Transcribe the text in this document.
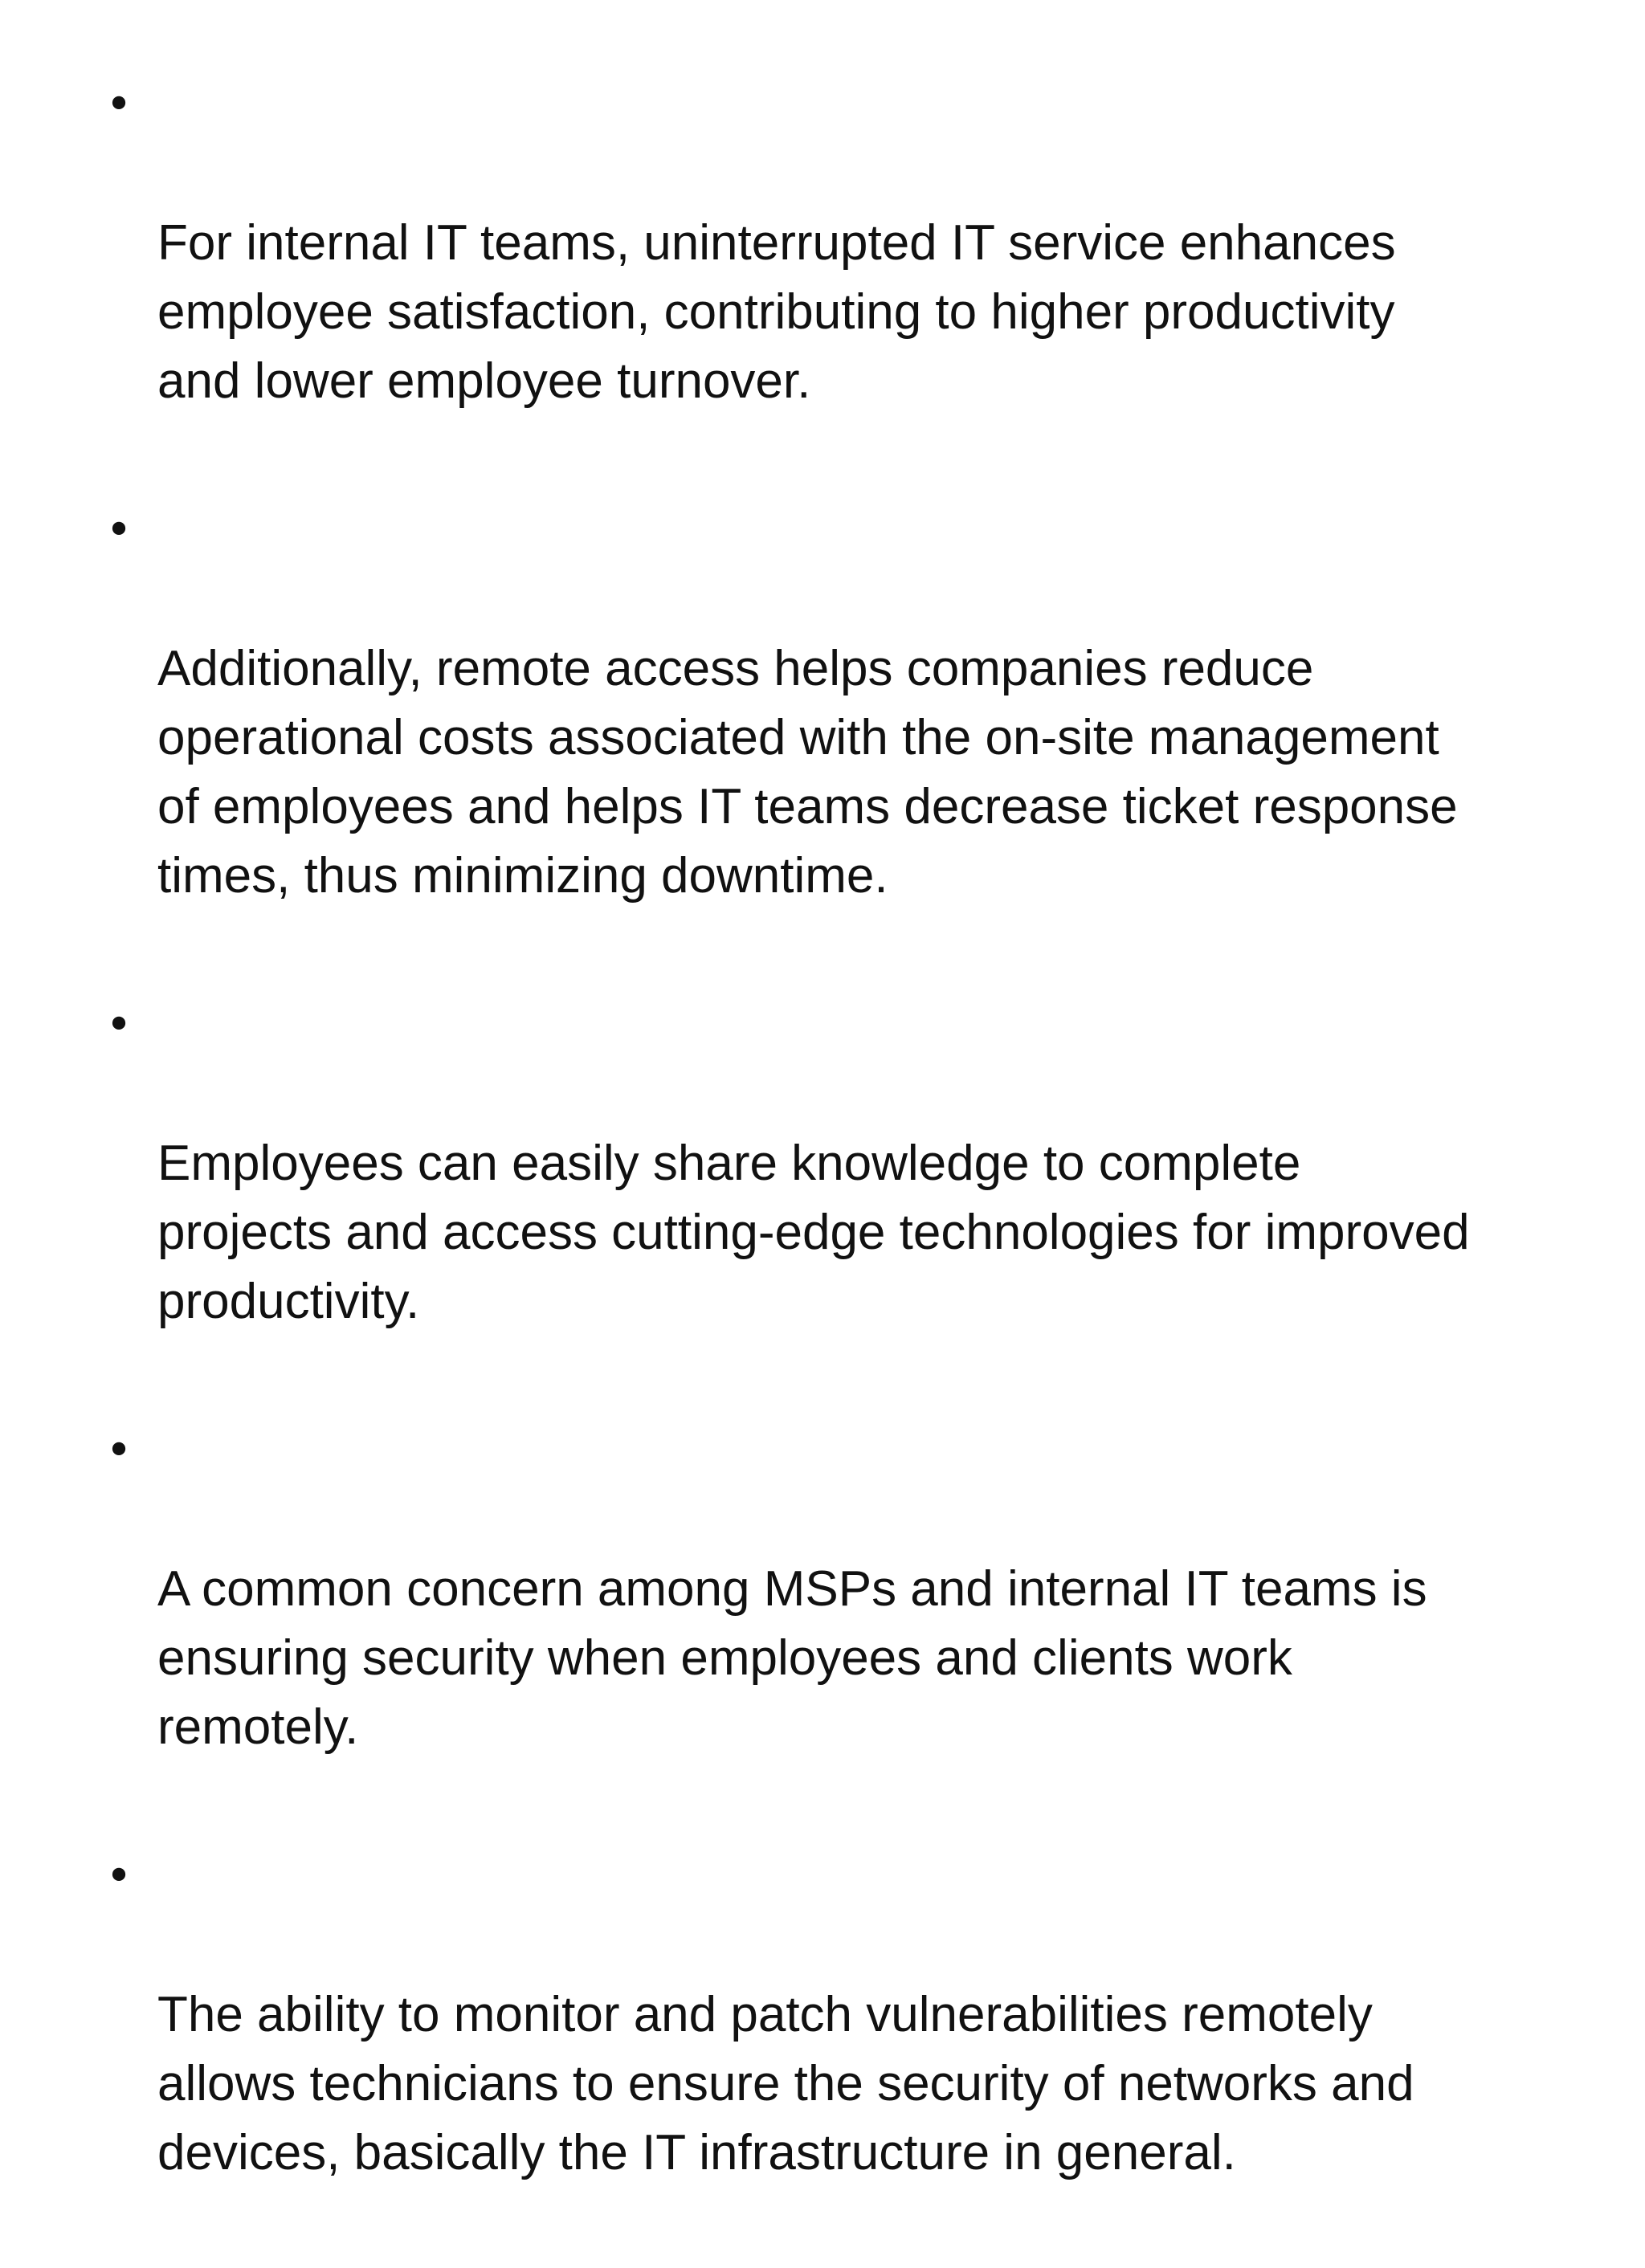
•

For internal IT teams, uninterrupted IT service enhances
employee satisfaction, contributing to higher productivity
and lower employee turnover.

•

Additionally, remote access helps companies reduce
operational costs associated with the on-site management
of employees and helps IT teams decrease ticket response
times, thus minimizing downtime.

•

Employees can easily share knowledge to complete
projects and access cutting-edge technologies for improved
productivity.

•

A common concern among MSPs and internal IT teams is
ensuring security when employees and clients work
remotely.

•

The ability to monitor and patch vulnerabilities remotely
allows technicians to ensure the security of networks and
devices, basically the IT infrastructure in general.
